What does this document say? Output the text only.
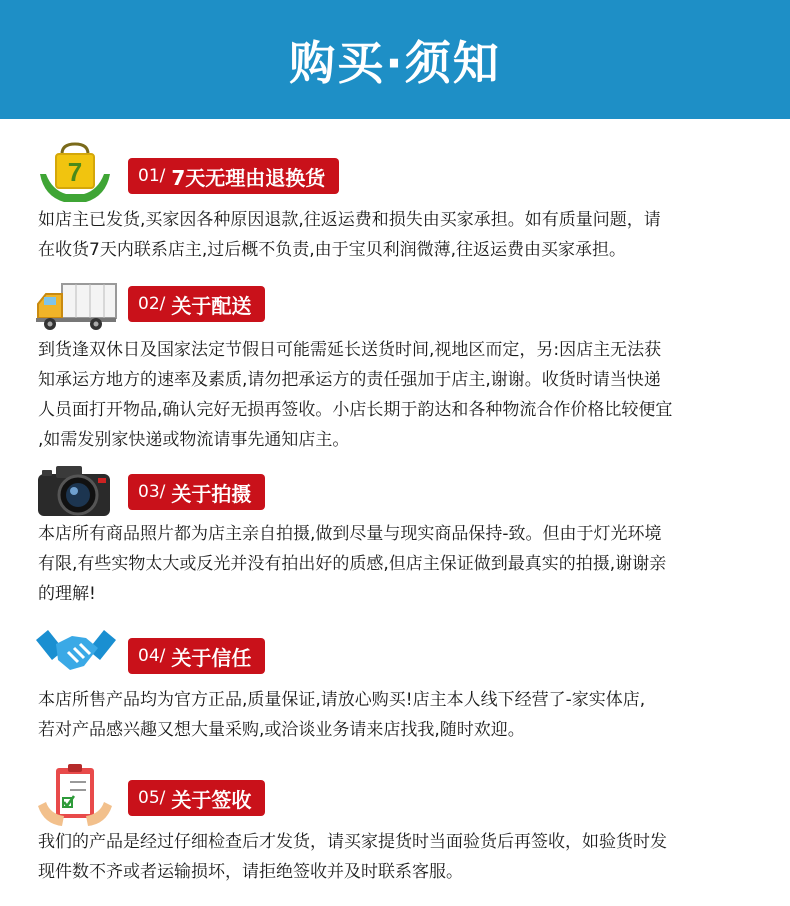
购买·须知
7	01/ 7天无理由退换货

如店主已发货,买家因各种原因退款,往返运费和损失由买家承担。如有质量问题，请

在收货7天内联系店主,过后概不负责,由于宝贝利润微薄,往返运费由买家承担。

02/ 关于配送

到货逢双休日及国家法定节假日可能需延长送货时间,视地区而定，另:因店主无法获

知承运方地方的速率及素质,请勿把承运方的责任强加于店主,谢谢。收货时请当快递

人员面打开物品,确认完好无损再签收。小店长期于韵达和各种物流合作价格比较便宜

,如需发别家快递或物流请事先通知店主。

03/ 关于拍摄

本店所有商品照片都为店主亲自拍摄,做到尽量与现实商品保持-致。但由于灯光环境

有限,有些实物太大或反光并没有拍出好的质感,但店主保证做到最真实的拍摄,谢谢亲

的理解!

04/ 关于信任

本店所售产品均为官方正品,质量保证,请放心购买!店主本人线下经营了-家实体店,

若对产品感兴趣又想大量采购,或洽谈业务请来店找我,随时欢迎。

05/ 关于签收

我们的产品是经过仔细检查后才发货，请买家提货时当面验货后再签收，如验货时发

现件数不齐或者运输损坏，请拒绝签收并及时联系客服。
